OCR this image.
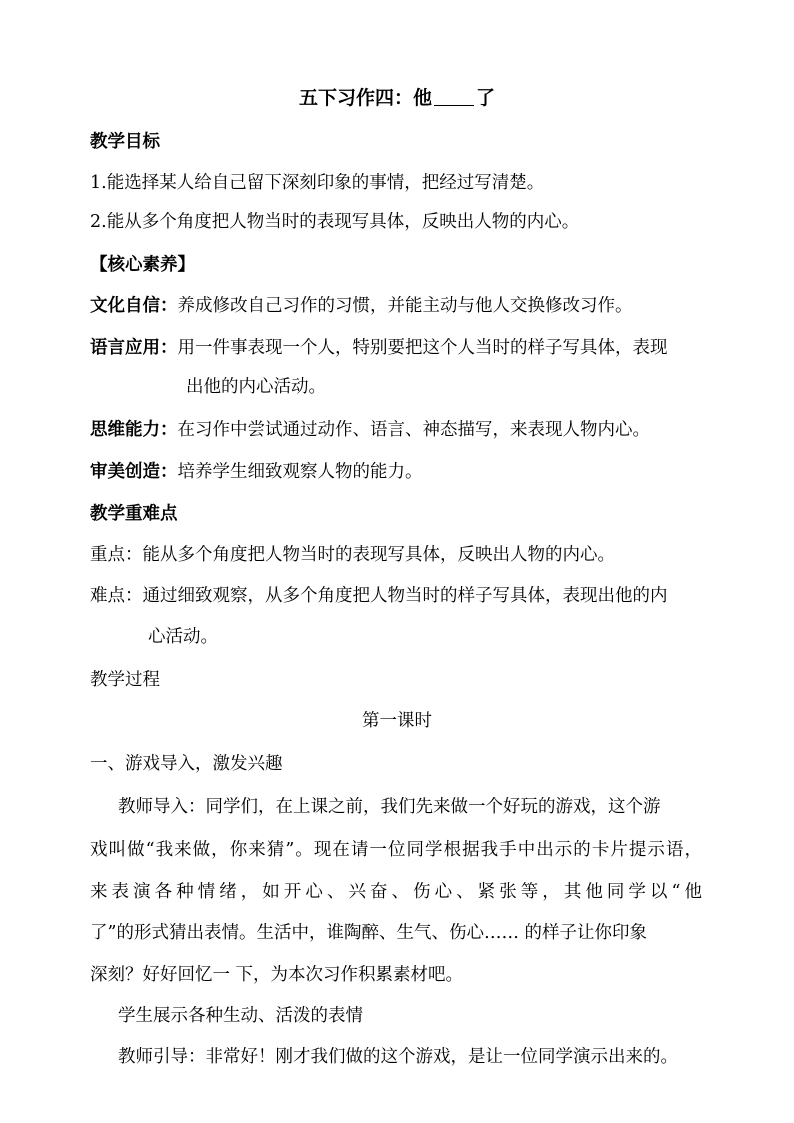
五下习作四：他 了
教学目标
1.能选择某人给自己留下深刻印象的事情，把经过写清楚。
2.能从多个角度把人物当时的表现写具体，反映出人物的内心。
【核心素养】
文化自信：养成修改自己习作的习惯，并能主动与他人交换修改习作。
语言应用：用一件事表现一个人，特别要把这个人当时的样子写具体，表现
出他的内心活动。
思维能力：在习作中尝试通过动作、语言、神态描写，来表现人物内心。
审美创造：培养学生细致观察人物的能力。
教学重难点
重点：能从多个角度把人物当时的表现写具体，反映出人物的内心。
难点：通过细致观察，从多个角度把人物当时的样子写具体，表现出他的内
心活动。
教学过程
第一课时
一、游戏导入，激发兴趣
教师导入：同学们，在上课之前，我们先来做一个好玩的游戏，这个游
戏叫做“我来做，你来猜”。现在请一位同学根据我手中出示的卡片提示语，
来表演各种情绪，如开心、兴奋、伤心、紧张等，其他同学以“他
了”的形式猜出表情。生活中，谁陶醉、生气、伤心…… 的样子让你印象
深刻？好好回忆一 下，为本次习作积累素材吧。
学生展示各种生动、活泼的表情
教师引导：非常好！刚才我们做的这个游戏，是让一位同学演示出来的。
